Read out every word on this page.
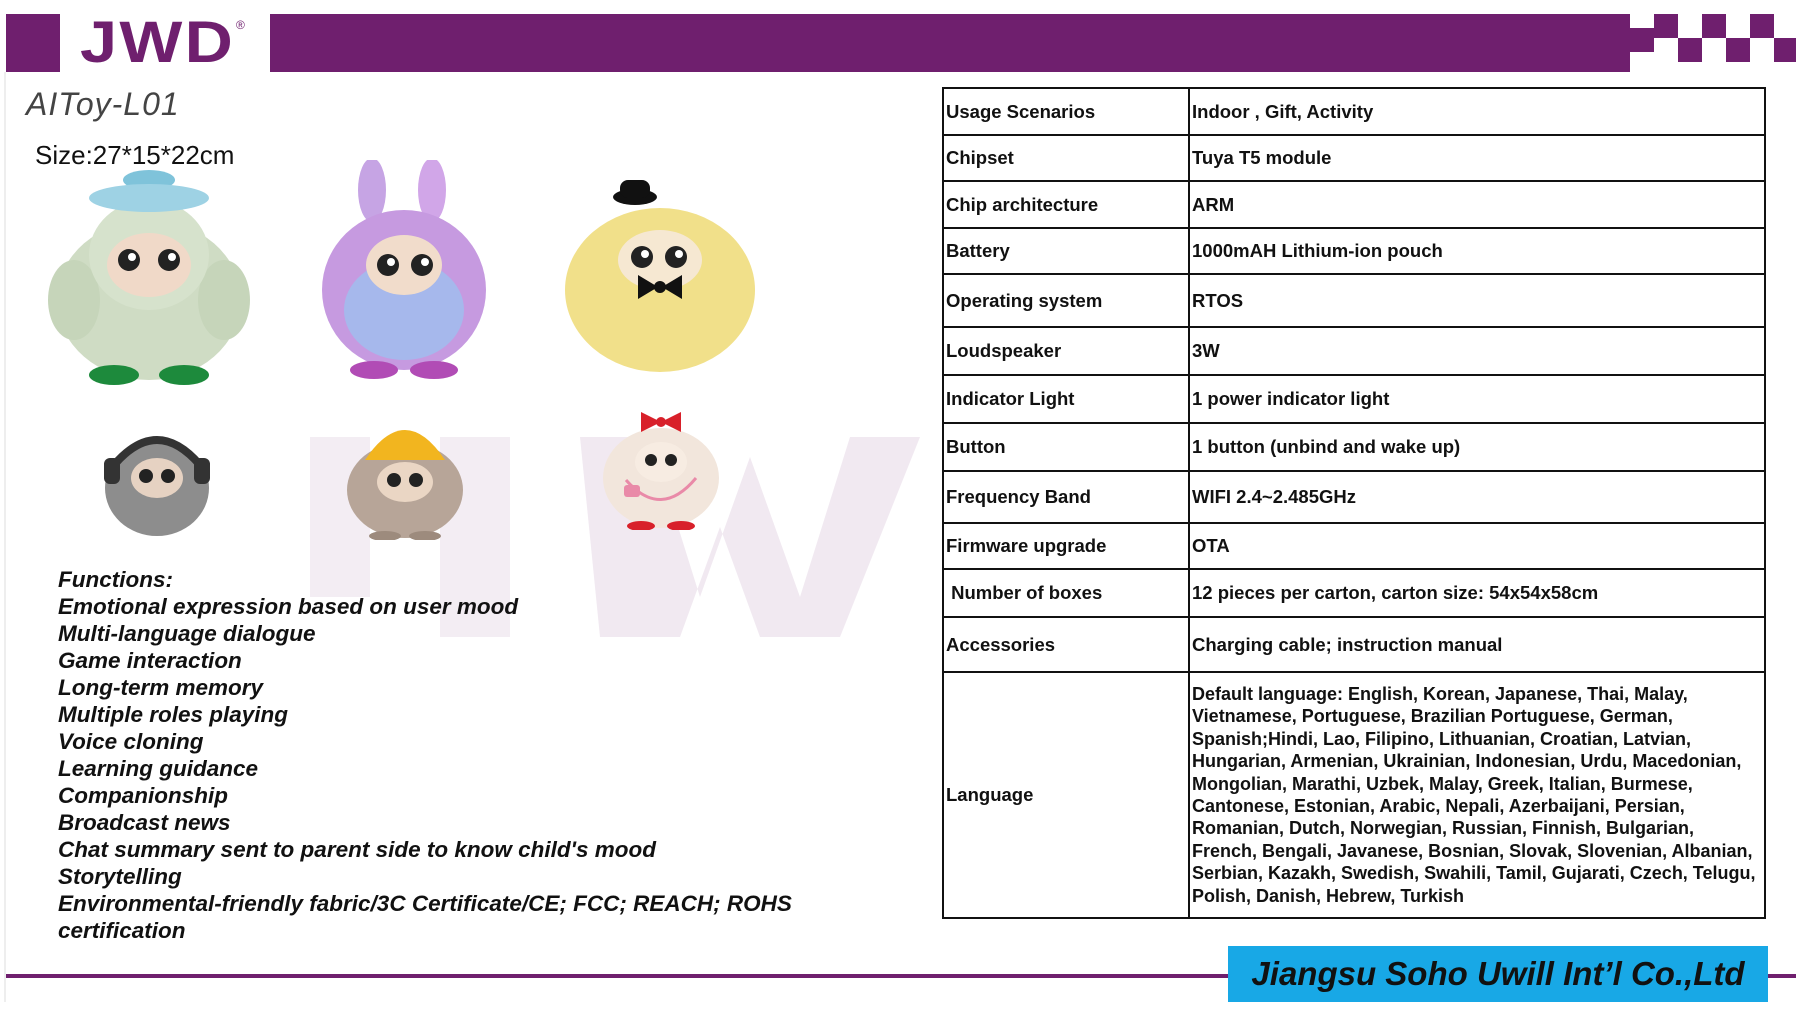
JWD ®
AIToy-L01
Size:27*15*22cm
Functions:
Emotional expression based on user mood
Multi-language dialogue
Game interaction
Long-term memory
Multiple roles playing
Voice cloning
Learning guidance
Companionship
Broadcast news
Chat summary sent to parent side to know child's mood
Storytelling
Environmental-friendly fabric/3C Certificate/CE; FCC; REACH; ROHS
certification
Usage Scenarios	Indoor , Gift, Activity
Chipset	Tuya T5 module
Chip architecture	ARM
Battery	1000mAH Lithium-ion pouch
Operating system	RTOS
Loudspeaker	3W
Indicator Light	1 power indicator light
Button	1 button (unbind and wake up)
Frequency Band	WIFI 2.4~2.485GHz
Firmware upgrade	OTA
Number of boxes	12 pieces per carton, carton size: 54x54x58cm
Accessories	Charging cable; instruction manual
Language	Default language: English, Korean, Japanese, Thai, Malay, Vietnamese, Portuguese, Brazilian Portuguese, German, Spanish;Hindi, Lao, Filipino, Lithuanian, Croatian, Latvian, Hungarian, Armenian, Ukrainian, Indonesian, Urdu, Macedonian, Mongolian, Marathi, Uzbek, Malay, Greek, Italian, Burmese, Cantonese, Estonian, Arabic, Nepali, Azerbaijani, Persian, Romanian, Dutch, Norwegian, Russian, Finnish, Bulgarian, French, Bengali, Javanese, Bosnian, Slovak, Slovenian, Albanian, Serbian, Kazakh, Swedish, Swahili, Tamil, Gujarati, Czech, Telugu, Polish, Danish, Hebrew, Turkish
Jiangsu Soho Uwill Int’l Co.,Ltd
